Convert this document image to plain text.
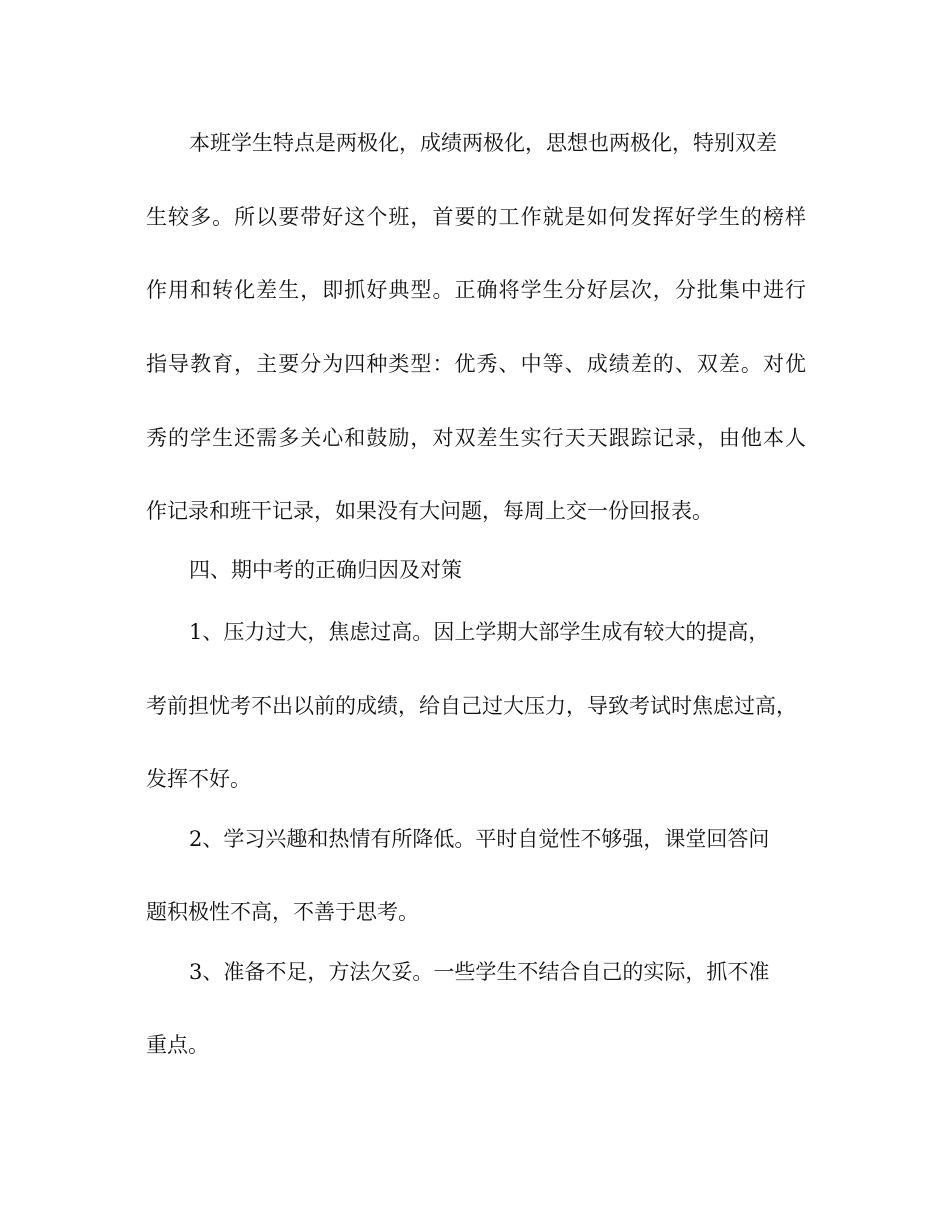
本班学生特点是两极化，成绩两极化，思想也两极化，特别双差

生较多。所以要带好这个班，首要的工作就是如何发挥好学生的榜样

作用和转化差生，即抓好典型。正确将学生分好层次，分批集中进行

指导教育，主要分为四种类型：优秀、中等、成绩差的、双差。对优

秀的学生还需多关心和鼓励，对双差生实行天天跟踪记录，由他本人

作记录和班干记录，如果没有大问题，每周上交一份回报表。

四、期中考的正确归因及对策

1、压力过大，焦虑过高。因上学期大部学生成有较大的提高，

考前担忧考不出以前的成绩，给自己过大压力，导致考试时焦虑过高，

发挥不好。

2、学习兴趣和热情有所降低。平时自觉性不够强，课堂回答问

题积极性不高，不善于思考。

3、准备不足，方法欠妥。一些学生不结合自己的实际，抓不准

重点。
